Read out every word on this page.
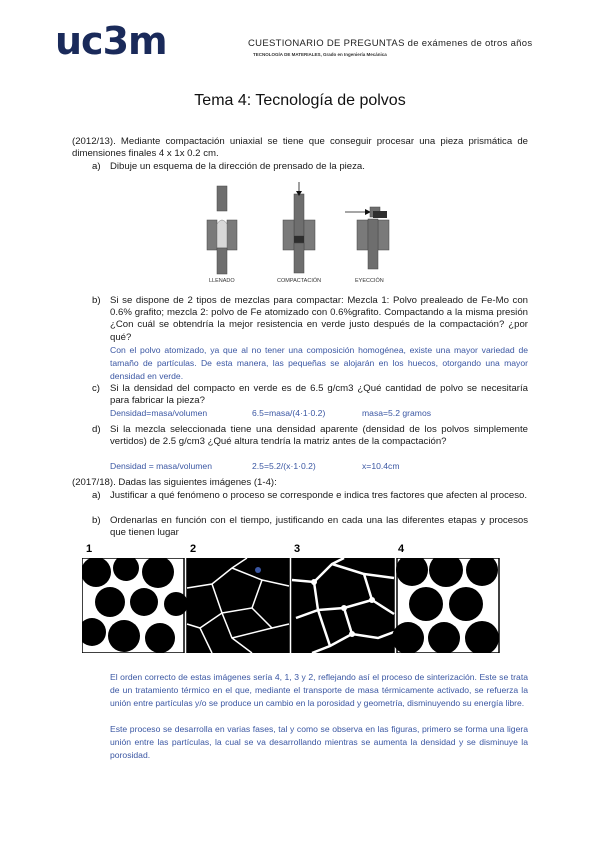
uc3m	CUESTIONARIO DE PREGUNTAS de exámenes de otros años
TECNOLOGÍA DE MATERIALES, Grado en Ingeniería Mecánica
Tema 4: Tecnología de polvos
(2012/13). Mediante compactación uniaxial se tiene que conseguir procesar una pieza prismática de dimensiones finales 4 x 1x 0.2 cm.
a) Dibuje un esquema de la dirección de prensado de la pieza.
LLENADO	COMPACTACIÓN	EYECCIÓN
b) Si se dispone de 2 tipos de mezclas para compactar: Mezcla 1: Polvo prealeado de Fe-Mo con 0.6% grafito; mezcla 2: polvo de Fe atomizado con 0.6%grafito. Compactando a la misma presión ¿Con cuál se obtendría la mejor resistencia en verde justo después de la compactación? ¿por qué?
Con el polvo atomizado, ya que al no tener una composición homogénea, existe una mayor variedad de tamaño de partículas. De esta manera, las pequeñas se alojarán en los huecos, otorgando una mayor densidad en verde.
c) Si la densidad del compacto en verde es de 6.5 g/cm3 ¿Qué cantidad de polvo se necesitaría para fabricar la pieza?
Densidad=masa/volumen	6.5=masa/(4·1·0.2)	masa=5.2 gramos
d) Si la mezcla seleccionada tiene una densidad aparente (densidad de los polvos simplemente vertidos) de 2.5 g/cm3 ¿Qué altura tendría la matriz antes de la compactación?
Densidad = masa/volumen	2.5=5.2/(x·1·0.2)	x=10.4cm
(2017/18). Dadas las siguientes imágenes (1-4):
a) Justificar a qué fenómeno o proceso se corresponde e indica tres factores que afecten al proceso.
b) Ordenarlas en función con el tiempo, justificando en cada una las diferentes etapas y procesos que tienen lugar
1	2	3	4
El orden correcto de estas imágenes sería 4, 1, 3 y 2, reflejando así el proceso de sinterización. Este se trata de un tratamiento térmico en el que, mediante el transporte de masa térmicamente activado, se refuerza la unión entre partículas y/o se produce un cambio en la porosidad y geometría, disminuyendo su energía libre.
Este proceso se desarrolla en varias fases, tal y como se observa en las figuras, primero se forma una ligera unión entre las partículas, la cual se va desarrollando mientras se aumenta la densidad y se disminuye la porosidad.
